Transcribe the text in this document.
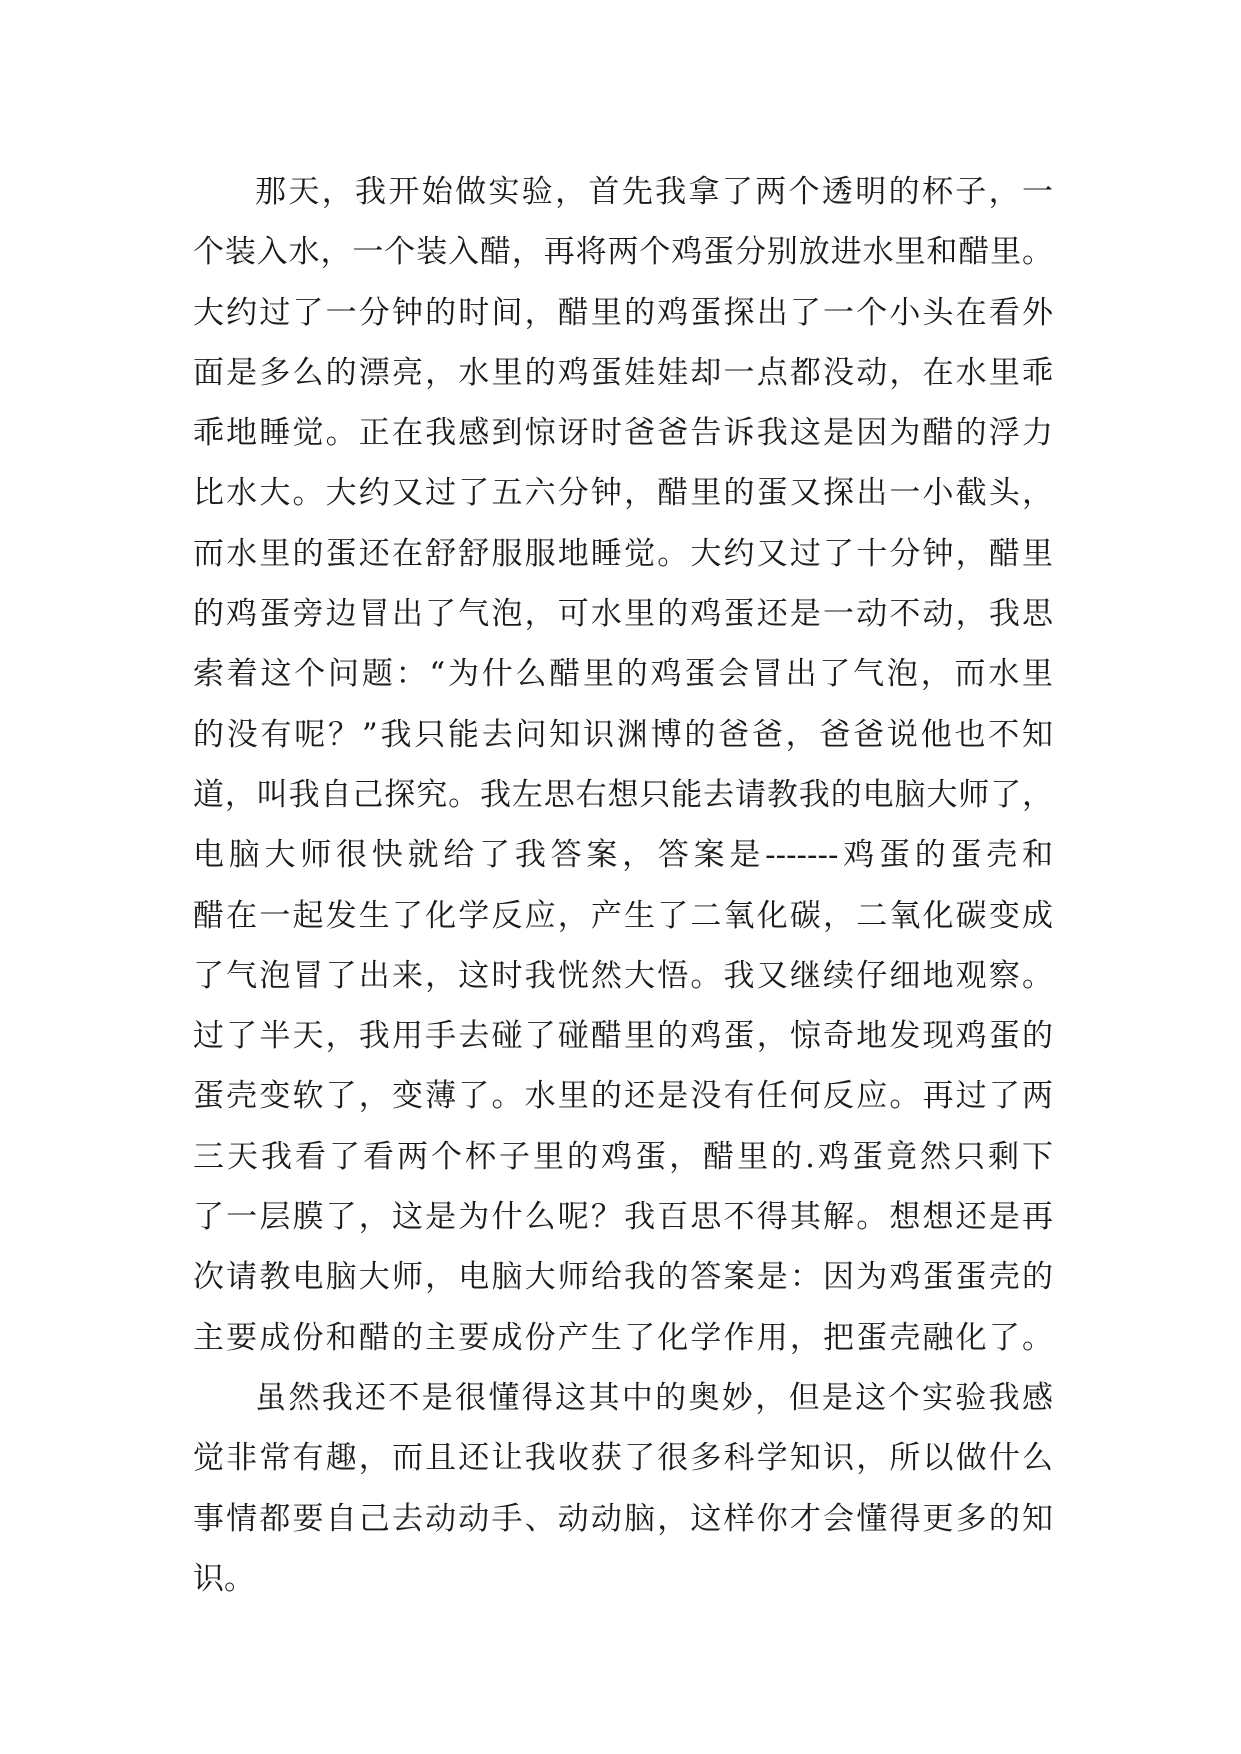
那天，我开始做实验，首先我拿了两个透明的杯子，一
个装入水，一个装入醋，再将两个鸡蛋分别放进水里和醋里。
大约过了一分钟的时间，醋里的鸡蛋探出了一个小头在看外
面是多么的漂亮，水里的鸡蛋娃娃却一点都没动，在水里乖
乖地睡觉。正在我感到惊讶时爸爸告诉我这是因为醋的浮力
比水大。大约又过了五六分钟，醋里的蛋又探出一小截头，
而水里的蛋还在舒舒服服地睡觉。大约又过了十分钟，醋里
的鸡蛋旁边冒出了气泡，可水里的鸡蛋还是一动不动，我思
索着这个问题：“为什么醋里的鸡蛋会冒出了气泡，而水里
的没有呢？”我只能去问知识渊博的爸爸，爸爸说他也不知
道，叫我自己探究。我左思右想只能去请教我的电脑大师了，
电脑大师很快就给了我答案，答案是-------鸡蛋的蛋壳和
醋在一起发生了化学反应，产生了二氧化碳，二氧化碳变成
了气泡冒了出来，这时我恍然大悟。我又继续仔细地观察。
过了半天，我用手去碰了碰醋里的鸡蛋，惊奇地发现鸡蛋的
蛋壳变软了，变薄了。水里的还是没有任何反应。再过了两
三天我看了看两个杯子里的鸡蛋，醋里的.鸡蛋竟然只剩下
了一层膜了，这是为什么呢？我百思不得其解。想想还是再
次请教电脑大师，电脑大师给我的答案是：因为鸡蛋蛋壳的
主要成份和醋的主要成份产生了化学作用，把蛋壳融化了。
虽然我还不是很懂得这其中的奥妙，但是这个实验我感
觉非常有趣，而且还让我收获了很多科学知识，所以做什么
事情都要自己去动动手、动动脑，这样你才会懂得更多的知
识。
